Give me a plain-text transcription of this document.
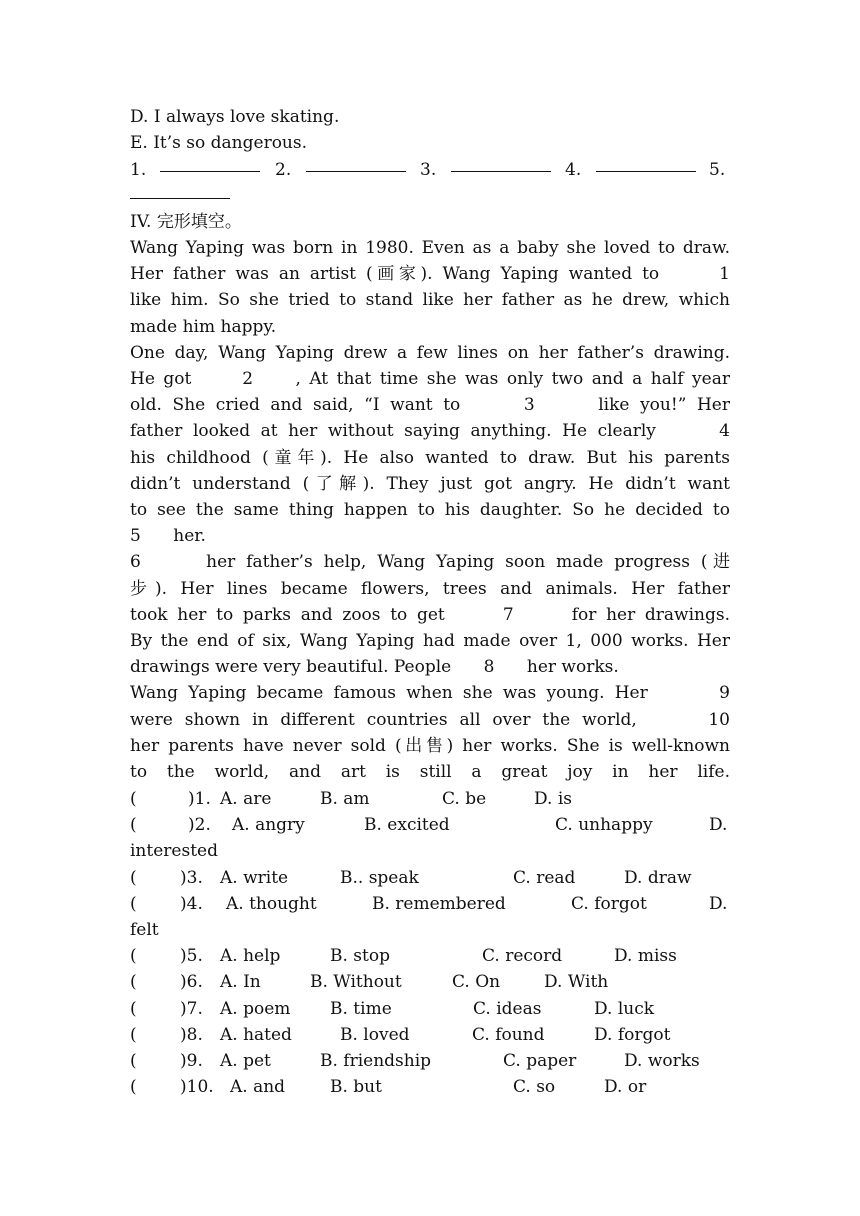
D. I always love skating.
E. It’s so dangerous.

1.

	2.

	3.

	4.

	5.

IV. 完形填空。
Wang Yaping was born in 1980. Even as a baby she loved to draw.
Her father was an artist (画家). Wang Yaping wanted to      1
like him. So she tried to stand like her father as he drew, which
made him happy.
One day, Wang Yaping drew a few lines on her father’s drawing.
He got      2     , At that time she was only two and a half year
old. She cried and said, “I want to      3      like you!” Her
father looked at her without saying anything. He clearly      4
his childhood (童年). He also wanted to draw. But his parents
didn’t understand (了解). They just got angry. He didn’t want
to see the same thing happen to his daughter. So he decided to
5      her.
6      her father’s help, Wang Yaping soon made progress (进
步). Her lines became flowers, trees and animals. Her father
took her to parks and zoos to get      7      for her drawings.
By the end of six, Wang Yaping had made over 1, 000 works. Her
drawings were very beautiful. People      8      her works.
Wang Yaping became famous when she was young. Her       9
were shown in different countries all over the world,      10
her parents have never sold (出售) her works. She is well-known
to the world, and art is still a great joy in her life.
(	)1. A. are	B. am	C. be	D. is
(	)2. A. angry	B. excited	C. unhappy	D.
interested
(	)3. A. write	B.. speak	C. read	D. draw
(	)4. A. thought	B. remembered	C. forgot	D.
felt
(	)5. A. help	B. stop	C. record	D. miss
(	)6. A. In	B. Without	C. On	D. With
(	)7. A. poem B. time	C. ideas	D. luck
(	)8. A. hated	B. loved	C. found	D. forgot
(	)9. A. pet	B. friendship	C. paper	D. works
(	)10. A. and	B. but	C. so	D. or
